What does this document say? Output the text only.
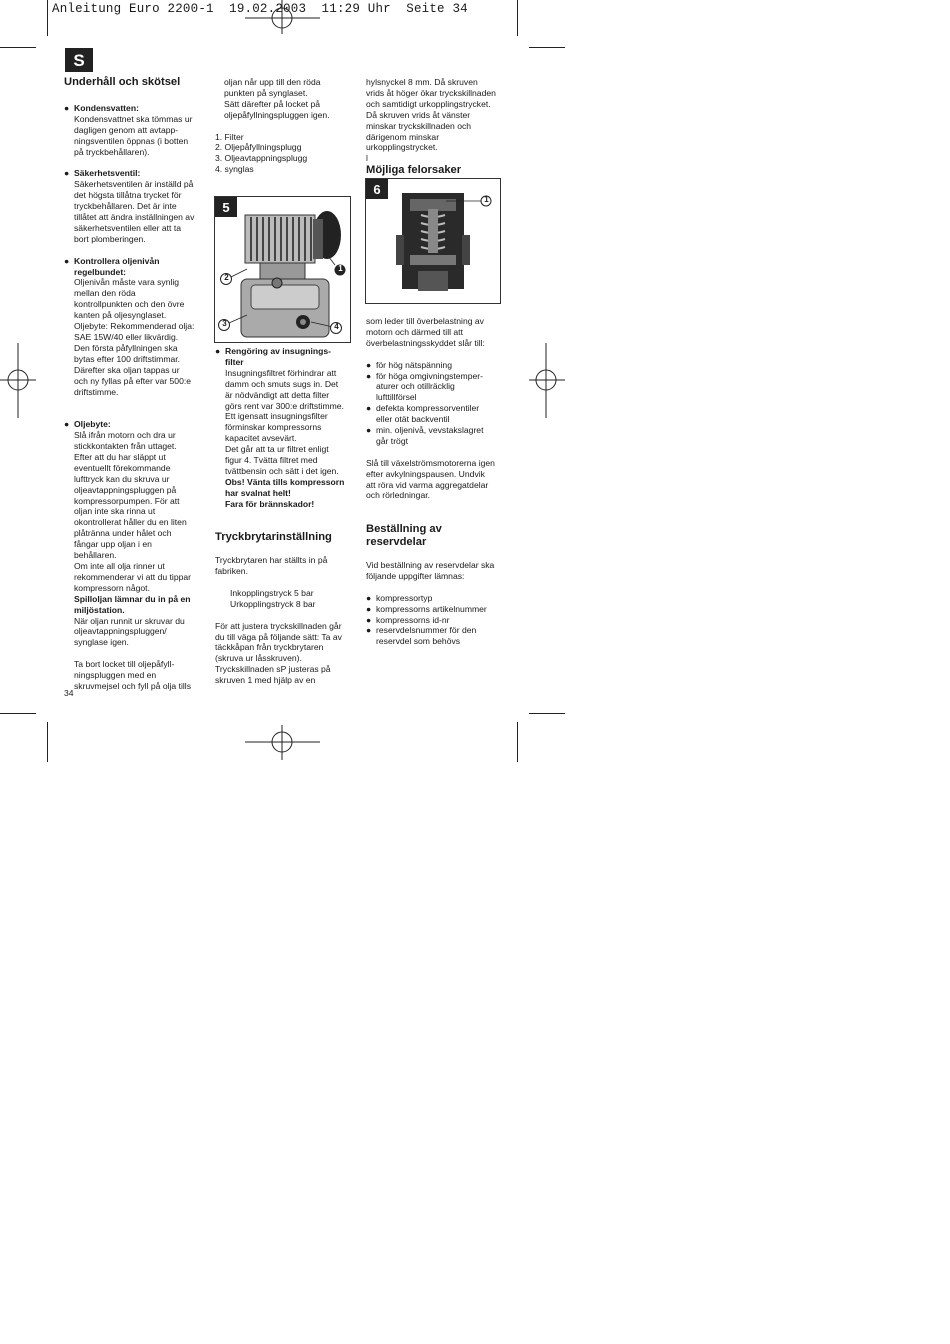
Anleitung Euro 2200-1  19.02.2003  11:29 Uhr  Seite 34
S
Underhåll och skötsel
● Kondensvatten:

Kondensvattnet ska tömmas ur

dagligen genom att avtapp-

ningsventilen öppnas (i botten

på tryckbehållaren).

● Säkerhetsventil:

Säkerhetsventilen är inställd på

det högsta tillåtna trycket för

tryckbehållaren. Det är inte

tillåtet att ändra inställningen av

säkerhetsventilen eller att ta

bort plomberingen.

● Kontrollera oljenivån

regelbundet:

Oljenivån måste vara synlig

mellan den röda

kontrollpunkten och den övre

kanten på oljesynglaset.

Oljebyte: Rekommenderad olja:

SAE 15W/40 eller likvärdig.

Den första påfyllningen ska

bytas efter 100 driftstimmar.

Därefter ska oljan tappas ur

och ny fyllas på efter var 500:e

driftstimme.

● Oljebyte:

Slå ifrån motorn och dra ur

stickkontakten från uttaget.

Efter att du har släppt ut

eventuellt förekommande

lufttryck kan du skruva ur

oljeavtappningspluggen på

kompressorpumpen. För att

oljan inte ska rinna ut

okontrollerat håller du en liten

plåtränna under hålet och

fångar upp oljan i en

behållaren.

Om inte all olja rinner ut

rekommenderar vi att du tippar

kompressorn något.

Spilloljan lämnar du in på en

miljöstation.

När oljan runnit ur skruvar du

oljeavtappningspluggen/

synglase igen.

Ta bort locket till oljepåfyll-

ningspluggen med en

skruvmejsel och fyll på olja tills

34

oljan når upp till den röda

punkten på synglaset.

Sätt därefter på locket på

oljepåfyllningspluggen igen.

1. Filter

2. Oljepåfyllningsplugg

3. Oljeavtappningsplugg

4. synglas

5
1
2
3	4
● Rengöring av insugnings-

filter

Insugningsfiltret förhindrar att

damm och smuts sugs in. Det

är nödvändigt att detta filter

görs rent var 300:e driftstimme.

Ett igensatt insugningsfilter

förminskar kompressorns

kapacitet avsevärt.

Det går att ta ur filtret enligt

figur 4. Tvätta filtret med

tvättbensin och sätt i det igen.

Obs! Vänta tills kompressorn

har svalnat helt!

Fara för brännskador!

Tryckbrytarinställning

Tryckbrytaren har ställts in på

fabriken.

Inkopplingstryck 5 bar

Urkopplingstryck 8 bar

För att justera tryckskillnaden går

du till väga på följande sätt: Ta av

täckkåpan från tryckbrytaren

(skruva ur låsskruven).

Tryckskillnaden sP justeras på

skruven 1 med hjälp av en

hylsnyckel 8 mm. Då skruven

vrids åt höger ökar tryckskillnaden

och samtidigt urkopplingstrycket.

Då skruven vrids åt vänster

minskar tryckskillnaden och

därigenom minskar

urkopplingstrycket.

l

Möjliga felorsaker
6
1

som leder till överbelastning av

motorn och därmed till att

överbelastningsskyddet slår till:

● för hög nätspänning

● för höga omgivningstemper-

aturer och otillräcklig

lufttillförsel

● defekta kompressorventiler

eller otät backventil

● min. oljenivå, vevstakslagret

går trögt

Slå till växelströmsmotorerna igen

efter avkylningspausen. Undvik

att röra vid varma aggregatdelar

och rörledningar.

Beställning av
reservdelar

Vid beställning av reservdelar ska

följande uppgifter lämnas:

● kompressortyp

● kompressorns artikelnummer

● kompressorns id-nr

● reservdelsnummer för den

reservdel som behövs
